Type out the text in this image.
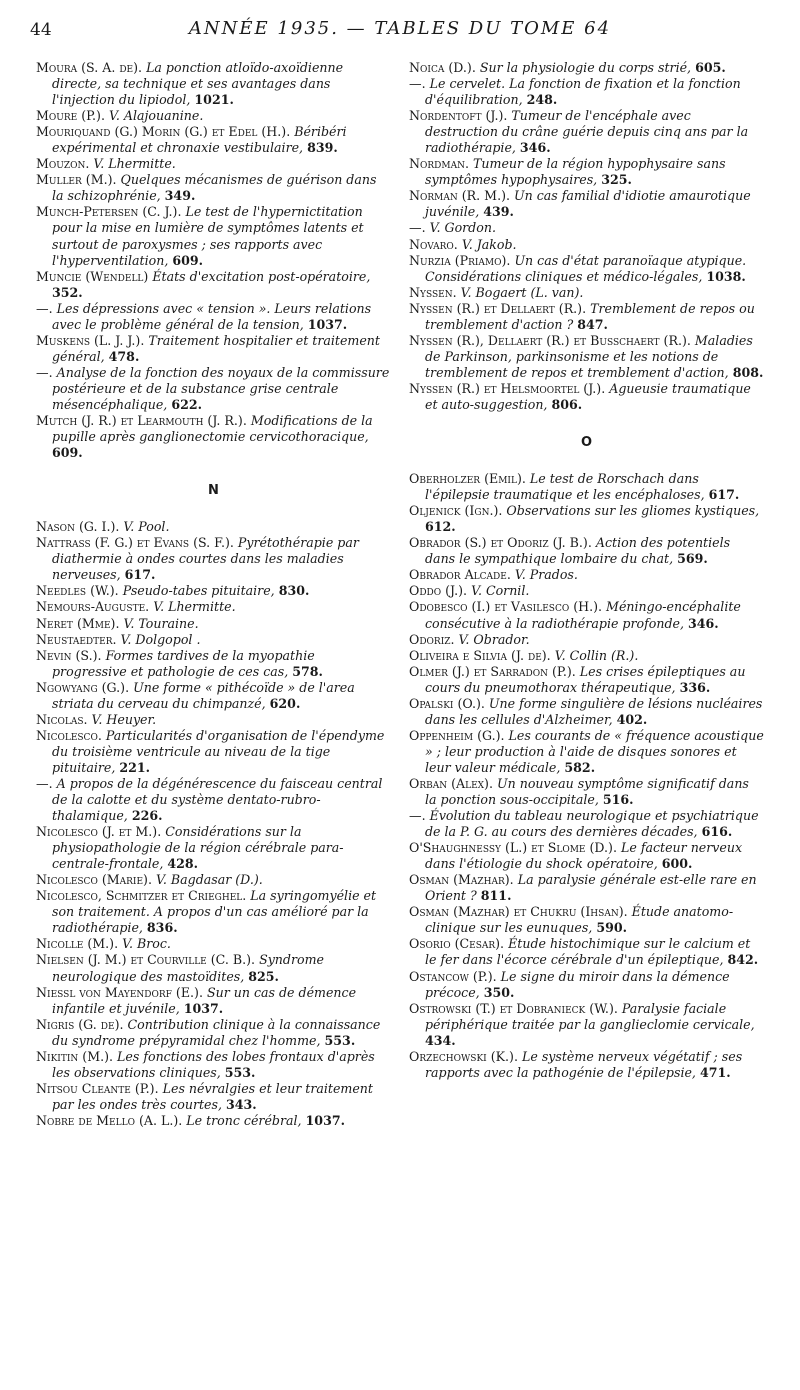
44	ANNÉE 1935. — TABLES DU TOME 64

Moura (S. A. de). La ponction atloïdo-axoïdienne directe, sa technique et ses avantages dans l'injection du lipiodol, 1021.

Moure (P.). V. Alajouanine.

Mouriquand (G.) Morin (G.) et Edel (H.). Béribéri expérimental et chronaxie vestibulaire, 839.

Mouzon. V. Lhermitte.

Muller (M.). Quelques mécanismes de guérison dans la schizophrénie, 349.

Munch-Petersen (C. J.). Le test de l'hypernictitation pour la mise en lumière de symptômes latents et surtout de paroxysmes ; ses rapports avec l'hyperventilation, 609.

Muncie (Wendell) États d'excitation post-opératoire, 352.

—. Les dépressions avec « tension ». Leurs relations avec le problème général de la tension, 1037.

Muskens (L. J. J.). Traitement hospitalier et traitement général, 478.

—. Analyse de la fonction des noyaux de la commissure postérieure et de la substance grise centrale mésencéphalique, 622.

Mutch (J. R.) et Learmouth (J. R.). Modifications de la pupille après ganglionectomie cervicothoracique, 609.

N

Nason (G. I.). V. Pool.

Nattrass (F. G.) et Evans (S. F.). Pyrétothérapie par diathermie à ondes courtes dans les maladies nerveuses, 617.

Needles (W.). Pseudo-tabes pituitaire, 830.

Nemours-Auguste. V. Lhermitte.

Neret (Mme). V. Touraine.

Neustaedter. V. Dolgopol .

Nevin (S.). Formes tardives de la myopathie progressive et pathologie de ces cas, 578.

Ngowyang (G.). Une forme « pithécoïde » de l'area striata du cerveau du chimpanzé, 620.

Nicolas. V. Heuyer.

Nicolesco. Particularités d'organisation de l'épendyme du troisième ventricule au niveau de la tige pituitaire, 221.

—. A propos de la dégénérescence du faisceau central de la calotte et du système dentato-rubro-thalamique, 226.

Nicolesco (J. et M.). Considérations sur la physiopathologie de la région cérébrale para-centrale-frontale, 428.

Nicolesco (Marie). V. Bagdasar (D.).

Nicolesco, Schmitzer et Crieghel. La syringomyélie et son traitement. A propos d'un cas amélioré par la radiothérapie, 836.

Nicolle (M.). V. Broc.

Nielsen (J. M.) et Courville (C. B.). Syndrome neurologique des mastoïdites, 825.

Niessl von Mayendorf (E.). Sur un cas de démence infantile et juvénile, 1037.

Nigris (G. de). Contribution clinique à la connaissance du syndrome prépyramidal chez l'homme, 553.

Nikitin (M.). Les fonctions des lobes frontaux d'après les observations cliniques, 553.

Nitsou Cleante (P.). Les névralgies et leur traitement par les ondes très courtes, 343.

Nobre de Mello (A. L.). Le tronc cérébral, 1037.

Noica (D.). Sur la physiologie du corps strié, 605.

—. Le cervelet. La fonction de fixation et la fonction d'équilibration, 248.

Nordentoft (J.). Tumeur de l'encéphale avec destruction du crâne guérie depuis cinq ans par la radiothérapie, 346.

Nordman. Tumeur de la région hypophysaire sans symptômes hypophysaires, 325.

Norman (R. M.). Un cas familial d'idiotie amaurotique juvénile, 439.

—. V. Gordon.

Novaro. V. Jakob.

Nurzia (Priamo). Un cas d'état paranoïaque atypique. Considérations cliniques et médico-légales, 1038.

Nyssen. V. Bogaert (L. van).

Nyssen (R.) et Dellaert (R.). Tremblement de repos ou tremblement d'action ? 847.

Nyssen (R.), Dellaert (R.) et Busschaert (R.). Maladies de Parkinson, parkinsonisme et les notions de tremblement de repos et tremblement d'action, 808.

Nyssen (R.) et Helsmoortel (J.). Agueusie traumatique et auto-suggestion, 806.

O

Oberholzer (Emil). Le test de Rorschach dans l'épilepsie traumatique et les encéphaloses, 617.

Oljenick (Ign.). Observations sur les gliomes kystiques, 612.

Obrador (S.) et Odoriz (J. B.). Action des potentiels dans le sympathique lombaire du chat, 569.

Obrador Alcade. V. Prados.

Oddo (J.). V. Cornil.

Odobesco (I.) et Vasilesco (H.). Méningo-encéphalite consécutive à la radiothérapie profonde, 346.

Odoriz. V. Obrador.

Oliveira e Silvia (J. de). V. Collin (R.).

Olmer (J.) et Sarradon (P.). Les crises épileptiques au cours du pneumothorax thérapeutique, 336.

Opalski (O.). Une forme singulière de lésions nucléaires dans les cellules d'Alzheimer, 402.

Oppenheim (G.). Les courants de « fréquence acoustique » ; leur production à l'aide de disques sonores et leur valeur médicale, 582.

Orban (Alex). Un nouveau symptôme significatif dans la ponction sous-occipitale, 516.

—. Évolution du tableau neurologique et psychiatrique de la P. G. au cours des dernières décades, 616.

O'Shaughnessy (L.) et Slome (D.). Le facteur nerveux dans l'étiologie du shock opératoire, 600.

Osman (Mazhar). La paralysie générale est-elle rare en Orient ? 811.

Osman (Mazhar) et Chukru (Ihsan). Étude anatomo-clinique sur les eunuques, 590.

Osorio (Cesar). Étude histochimique sur le calcium et le fer dans l'écorce cérébrale d'un épileptique, 842.

Ostancow (P.). Le signe du miroir dans la démence précoce, 350.

Ostrowski (T.) et Dobranieck (W.). Paralysie faciale périphérique traitée par la ganglieclomie cervicale, 434.

Orzechowski (K.). Le système nerveux végétatif ; ses rapports avec la pathogénie de l'épilepsie, 471.
